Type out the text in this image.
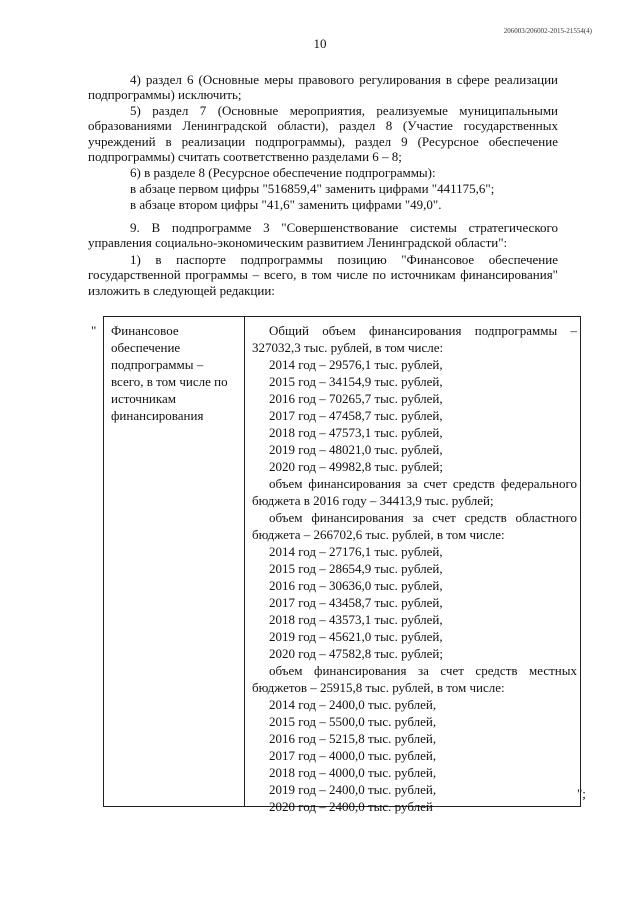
206003/206002-2015-21554(4)
10

4) раздел 6 (Основные меры правового регулирования в сфере реализации подпрограммы) исключить;

5) раздел 7 (Основные мероприятия, реализуемые муниципальными образованиями Ленинградской области), раздел 8 (Участие государственных учреждений в реализации подпрограммы), раздел 9 (Ресурсное обеспечение подпрограммы) считать соответственно разделами 6 – 8;

6) в разделе 8 (Ресурсное обеспечение подпрограммы):

в абзаце первом цифры "516859,4" заменить цифрами "441175,6";

в абзаце втором цифры "41,6" заменить цифрами "49,0".

9. В подпрограмме 3 "Совершенствование системы стратегического управления социально-экономическим развитием Ленинградской области":

1) в паспорте подпрограммы позицию "Финансовое обеспечение государственной программы – всего, в том числе по источникам финансирования" изложить в следующей редакции:

" Финансовое обеспечение подпрограммы – всего, в том числе по источникам финансирования

Общий объем финансирования подпрограммы – 327032,3 тыс. рублей, в том числе:

2014 год – 29576,1 тыс. рублей,

2015 год – 34154,9 тыс. рублей,

2016 год – 70265,7 тыс. рублей,

2017 год – 47458,7 тыс. рублей,

2018 год – 47573,1 тыс. рублей,

2019 год – 48021,0 тыс. рублей,

2020 год – 49982,8 тыс. рублей;

объем финансирования за счет средств федерального бюджета в 2016 году – 34413,9 тыс. рублей;

объем финансирования за счет средств областного бюджета – 266702,6 тыс. рублей, в том числе:

2014 год – 27176,1 тыс. рублей,

2015 год – 28654,9 тыс. рублей,

2016 год – 30636,0 тыс. рублей,

2017 год – 43458,7 тыс. рублей,

2018 год – 43573,1 тыс. рублей,

2019 год – 45621,0 тыс. рублей,

2020 год – 47582,8 тыс. рублей;

объем финансирования за счет средств местных бюджетов – 25915,8 тыс. рублей, в том числе:

2014 год – 2400,0 тыс. рублей,

2015 год – 5500,0 тыс. рублей,

2016 год – 5215,8 тыс. рублей,

2017 год – 4000,0 тыс. рублей,

2018 год – 4000,0 тыс. рублей,

2019 год – 2400,0 тыс. рублей,

2020 год – 2400,0 тыс. рублей

";
